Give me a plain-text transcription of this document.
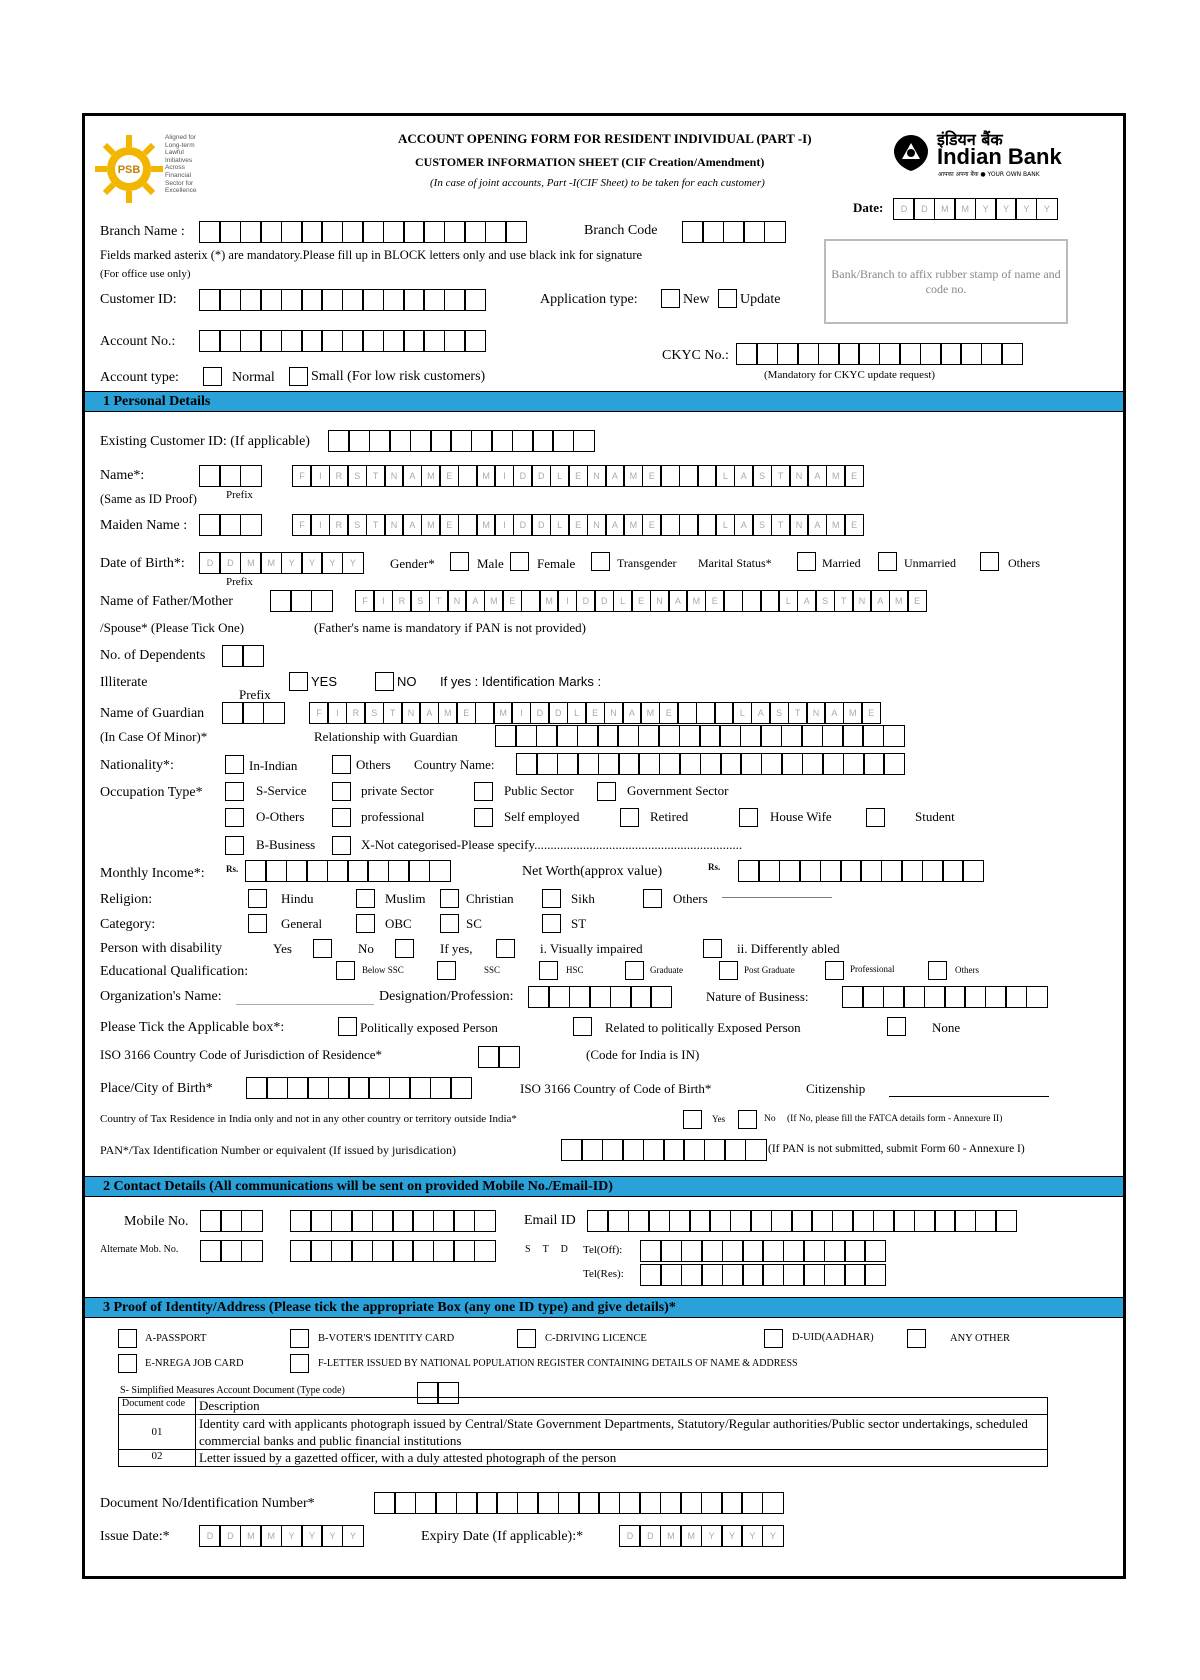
PSB
Aligned for
Long-term
Lawful
Initiatives
Across
Financial
Sector for
Excellence
ACCOUNT OPENING FORM FOR RESIDENT INDIVIDUAL (PART -I)
CUSTOMER INFORMATION SHEET (CIF Creation/Amendment)
(In case of joint accounts, Part -I(CIF Sheet) to be taken for each customer)
इंडियन बैंक
Indian Bank
आपका अपना बैंक ● YOUR OWN BANK
Date:	D	D	M	M	Y	Y	Y	Y
Branch Name :	Branch Code
Fields marked asterix (*) are mandatory.Please fill up in BLOCK letters only and use black ink for signature
(For office use only)	Bank/Branch to affix rubber stamp of name and code no.
Customer ID:	Application type:	New Update
Account No.:
CKYC No.:
(Mandatory for CKYC update request)
Account type:	Normal	Small (For low risk customers)
1 Personal Details
Existing Customer ID: (If applicable)
Name*:	F	I	R	S	T	N	A	M	E	M	I	D	D	L	E	N	A	M	E	L	A	S	T	N	A	M	E
(Same as ID Proof)	Prefix
Maiden Name :	F	I	R	S	T	N	A	M	E	M	I	D	D	L	E	N	A	M	E	L	A	S	T	N	A	M	E
Date of Birth*:	D	D	M	M	Y	Y	Y	Y	Gender*	Male	Female	Transgender Marital Status*	Married	Unmarried	Others
Prefix
Name of Father/Mother	F	I	R	S	T	N	A	M	E	M	I	D	D	L	E	N	A	M	E	L	A	S	T	N	A	M	E
/Spouse* (Please Tick One)	(Father's name is mandatory if PAN is not provided)
No. of Dependents
Illiterate	YES	NO If yes : Identification Marks :
Prefix
Name of Guardian	F	I	R	S	T	N	A	M	E	M	I	D	D	L	E	N	A	M	E	L	A	S	T	N	A	M	E
(In Case Of Minor)*	Relationship with Guardian
Nationality*:	In-Indian	Others Country Name:
Occupation Type*	S-Service	private Sector	Public Sector	Government Sector
O-Others	professional	Self employed	Retired	House Wife	Student
B-Business	X-Not categorised-Please specify................................................................
Monthly Income*: Rs.	Net Worth(approx value)	Rs.
Religion:	Hindu	Muslim	Christian	Sikh	Others ——————————
Category:	General	OBC	SC	ST
Person with disability	Yes	No	If yes,	i. Visually impaired	ii. Differently abled
Educational Qualification:	Below SSC	SSC	HSC	Graduate	Post Graduate	Professional	Others
Organization's Name:	Designation/Profession:	Nature of Business:
Please Tick the Applicable box*:	Politically exposed Person	Related to politically Exposed Person	None
ISO 3166 Country Code of Jurisdiction of Residence*	(Code for India is IN)
Place/City of Birth*	ISO 3166 Country of Code of Birth*	Citizenship
Country of Tax Residence in India only and not in any other country or territory outside India*	Yes	No (If No, please fill the FATCA details form - Annexure II)
PAN*/Tax Identification Number or equivalent (If issued by jurisdication)	(If PAN is not submitted, submit Form 60 - Annexure I)
2 Contact Details (All communications will be sent on provided Mobile No./Email-ID)
Mobile No.	Email ID
Alternate Mob. No.	STD Tel(Off):
Tel(Res):
3 Proof of Identity/Address (Please tick the appropriate Box (any one ID type) and give details)*
A-PASSPORT	B-VOTER'S IDENTITY CARD	C-DRIVING LICENCE	D-UID(AADHAR)	ANY OTHER
E-NREGA JOB CARD	F-LETTER ISSUED BY NATIONAL POPULATION REGISTER CONTAINING DETAILS OF NAME & ADDRESS
S- Simplified Measures Account Document (Type code)
Document code	Description
01	Identity card with applicants photograph issued by Central/State Government Departments, Statutory/Regular authorities/Public sector undertakings, scheduled commercial banks and public financial institutions
02	Letter issued by a gazetted officer, with a duly attested photograph of the person
Document No/Identification Number*
Issue Date:*	D	D	M	M	Y	Y	Y	Y	Expiry Date (If applicable):*	D	D	M	M	Y	Y	Y	Y
